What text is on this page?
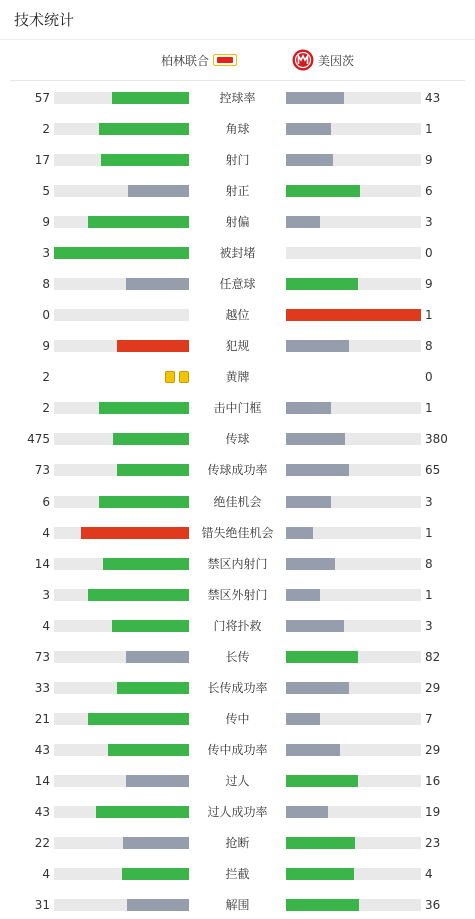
技术统计
柏林联合	美因茨
57	控球率	43
2	角球	1
17	射门	9
5	射正	6
9	射偏	3
3	被封堵	0
8	任意球	9
0	越位	1
9	犯规	8
2	黄牌	0
2	击中门框	1
475	传球	380
73	传球成功率	65
6	绝佳机会	3
4	错失绝佳机会	1
14	禁区内射门	8
3	禁区外射门	1
4	门将扑救	3
73	长传	82
33	长传成功率	29
21	传中	7
43	传中成功率	29
14	过人	16
43	过人成功率	19
22	抢断	23
4	拦截	4
31	解围	36
